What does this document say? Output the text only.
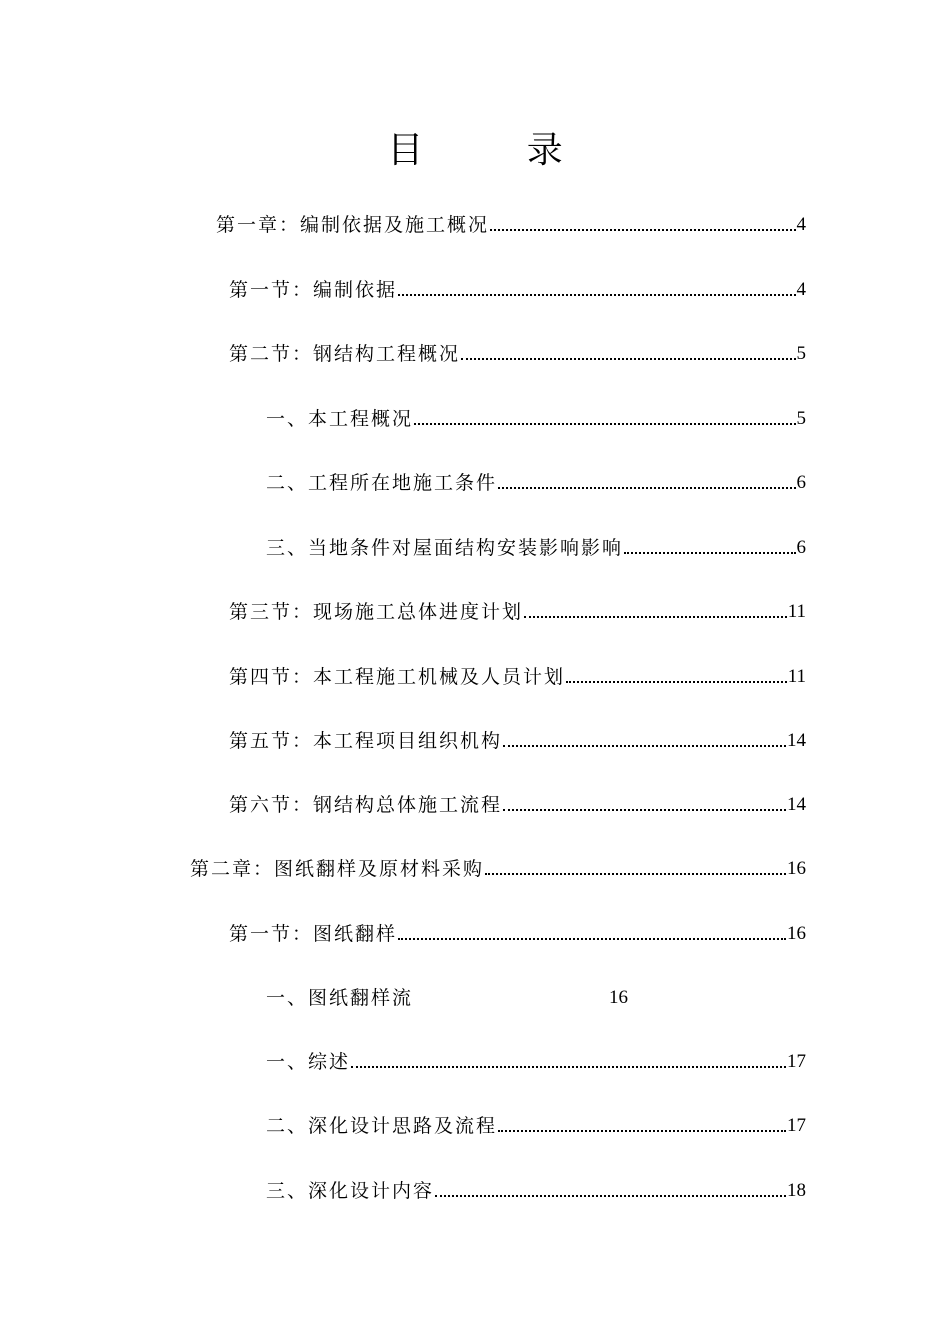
目 录
第一章：编制依据及施工概况	4
第一节：编制依据	4
第二节：钢结构工程概况	5
一、本工程概况	5
二、工程所在地施工条件	6
三、当地条件对屋面结构安装影响影响	6
第三节：现场施工总体进度计划	11
第四节：本工程施工机械及人员计划	11
第五节：本工程项目组织机构	14
第六节：钢结构总体施工流程	14
第二章：图纸翻样及原材料采购	16
第一节：图纸翻样	16
一、图纸翻样流	16
一、综述	17
二、深化设计思路及流程	17
三、深化设计内容	18
